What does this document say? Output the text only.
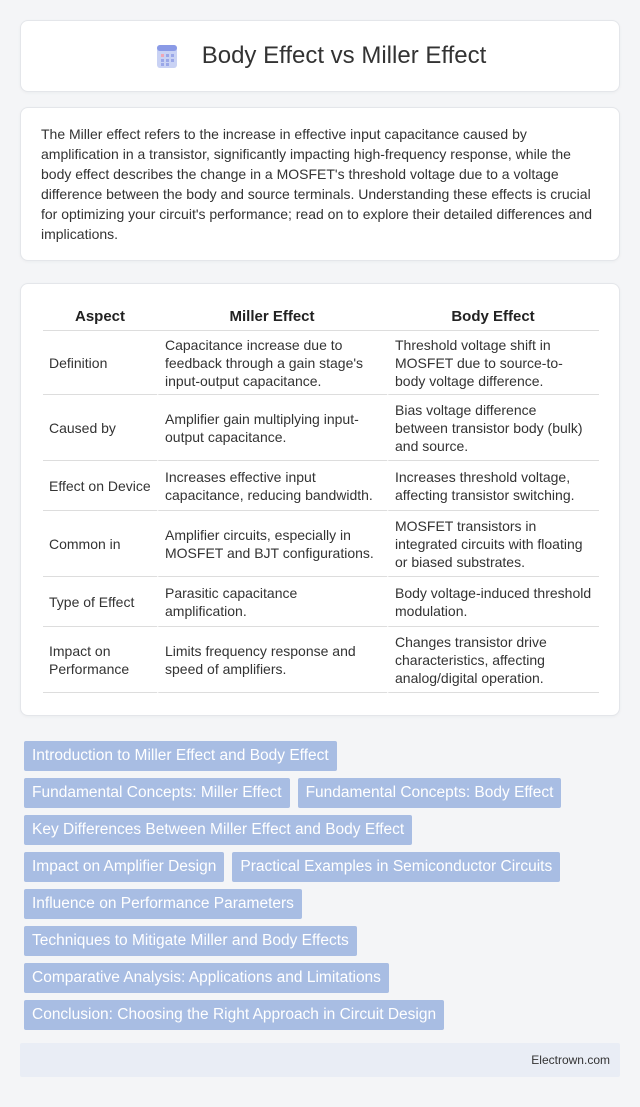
Body Effect vs Miller Effect

The Miller effect refers to the increase in effective input capacitance caused by amplification in a transistor, significantly impacting high-frequency response, while the body effect describes the change in a MOSFET's threshold voltage due to a voltage difference between the body and source terminals. Understanding these effects is crucial for optimizing your circuit's performance; read on to explore their detailed differences and implications.

Aspect	Miller Effect	Body Effect
Definition	Capacitance increase due to feedback through a gain stage's input-output capacitance.	Threshold voltage shift in MOSFET due to source-to-body voltage difference.
Caused by	Amplifier gain multiplying input-output capacitance.	Bias voltage difference between transistor body (bulk) and source.
Effect on Device	Increases effective input capacitance, reducing bandwidth.	Increases threshold voltage, affecting transistor switching.
Common in	Amplifier circuits, especially in MOSFET and BJT configurations.	MOSFET transistors in integrated circuits with floating or biased substrates.
Type of Effect	Parasitic capacitance amplification.	Body voltage-induced threshold modulation.
Impact on Performance	Limits frequency response and speed of amplifiers.	Changes transistor drive characteristics, affecting analog/digital operation.
Introduction to Miller Effect and Body Effect
Fundamental Concepts: Miller Effect	Fundamental Concepts: Body Effect
Key Differences Between Miller Effect and Body Effect
Impact on Amplifier Design	Practical Examples in Semiconductor Circuits
Influence on Performance Parameters
Techniques to Mitigate Miller and Body Effects
Comparative Analysis: Applications and Limitations
Conclusion: Choosing the Right Approach in Circuit Design
Electrown.com
